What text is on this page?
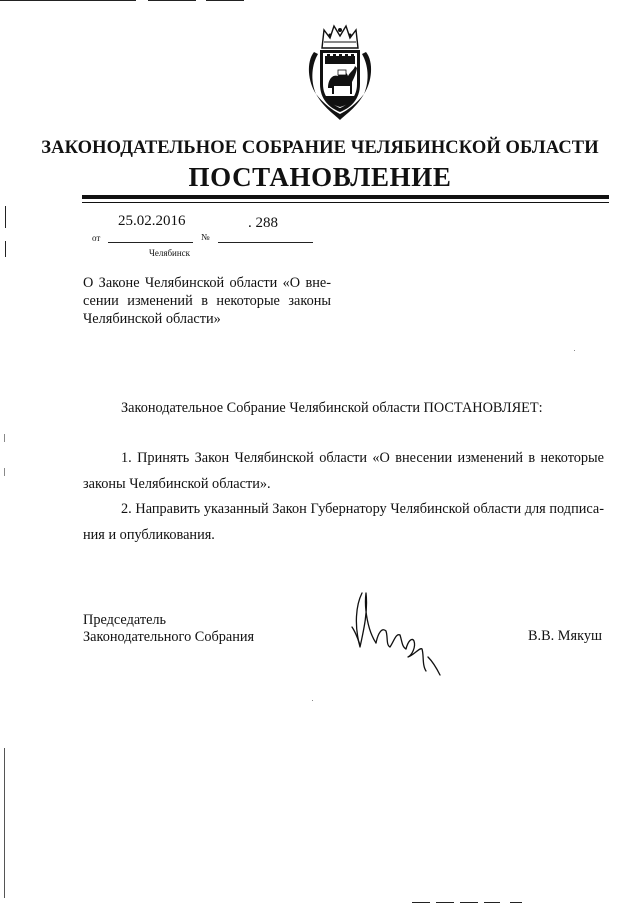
ЗАКОНОДАТЕЛЬНОЕ СОБРАНИЕ ЧЕЛЯБИНСКОЙ ОБЛАСТИ
ПОСТАНОВЛЕНИЕ
25.02.2016	. 288
от	№
Челябинск
О Законе Челябинской области «О вне-
сении изменений в некоторые законы
Челябинской области»
Законодательное Собрание Челябинской области ПОСТАНОВЛЯЕТ:
1. Принять Закон Челябинской области «О внесении изменений в некоторые
законы Челябинской области».
2. Направить указанный Закон Губернатору Челябинской области для подписа-
ния и опубликования.
Председатель
Законодательного Собрания	В.В. Мякуш
